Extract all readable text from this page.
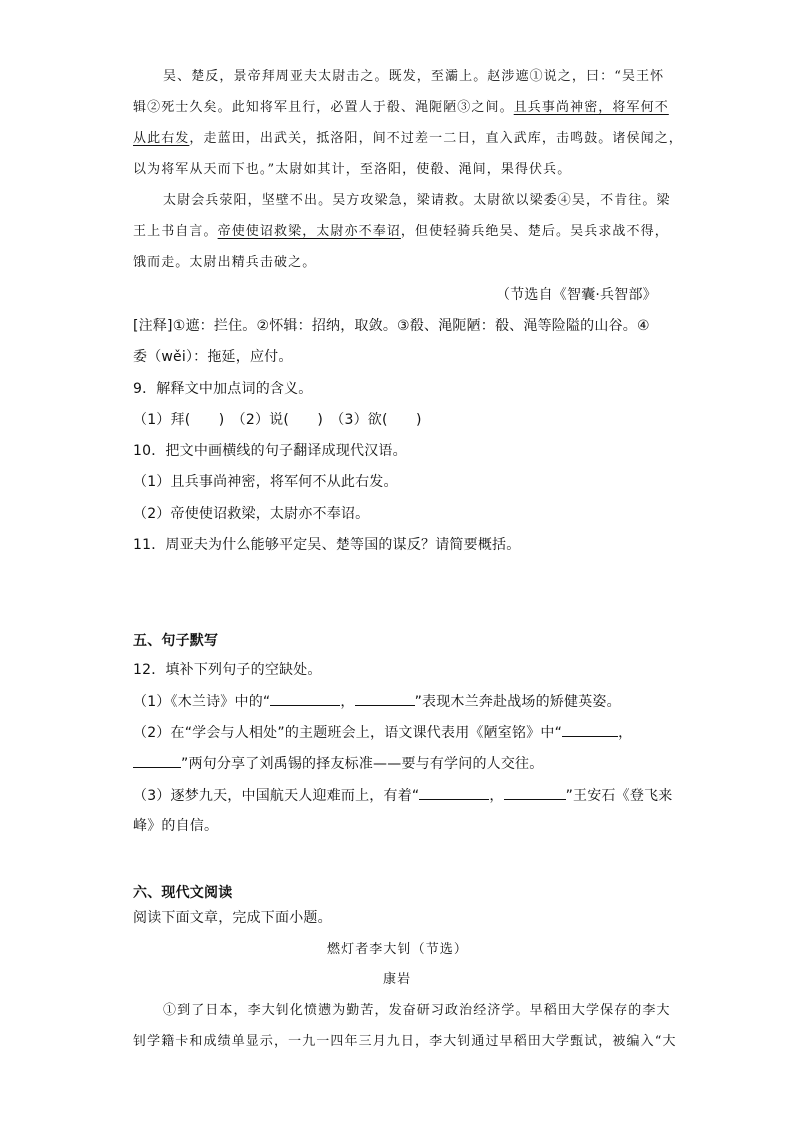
吴、楚反，景帝拜周亚夫太尉击之。既发，至灞上。赵涉遮①说之，曰：“吴王怀
辑②死士久矣。此知将军且行，必置人于殽、渑阨陋③之间。且兵事尚神密，将军何不
从此右发，走蓝田，出武关，抵洛阳，间不过差一二日，直入武库，击鸣鼓。诸侯闻之，
以为将军从天而下也。”太尉如其计，至洛阳，使殽、渑间，果得伏兵。
太尉会兵荥阳，坚壁不出。吴方攻梁急，梁请救。太尉欲以梁委④吴，不肯往。梁
王上书自言。帝使使诏救梁，太尉亦不奉诏，但使轻骑兵绝吴、楚后。吴兵求战不得，
饿而走。太尉出精兵击破之。
（节选自《智囊·兵智部》
[注释]①遮：拦住。②怀辑：招纳，取敛。③殽、渑阨陋：殽、渑等险隘的山谷。④
委（wěi）：拖延，应付。
9．解释文中加点词的含义。
（1）拜(　　)　（2）说(　　)　（3）欲(　　)
10．把文中画横线的句子翻译成现代汉语。
（1）且兵事尚神密，将军何不从此右发。
（2）帝使使诏救梁，太尉亦不奉诏。
11．周亚夫为什么能够平定吴、楚等国的谋反？请简要概括。
五、句子默写
12．填补下列句子的空缺处。
（1）《木兰诗》中的“	，	”表现木兰奔赴战场的矫健英姿。
（2）在“学会与人相处”的主题班会上，语文课代表用《陋室铭》中“	，
”两句分享了刘禹锡的择友标准——要与有学问的人交往。
（3）逐梦九天，中国航天人迎难而上，有着“	，	”王安石《登飞来
峰》的自信。
六、现代文阅读
阅读下面文章，完成下面小题。
燃灯者李大钊（节选）
康岩
①到了日本，李大钊化愤懑为勤苦，发奋研习政治经济学。早稻田大学保存的李大
钊学籍卡和成绩单显示，一九一四年三月九日，李大钊通过早稻田大学甄试，被编入“大
